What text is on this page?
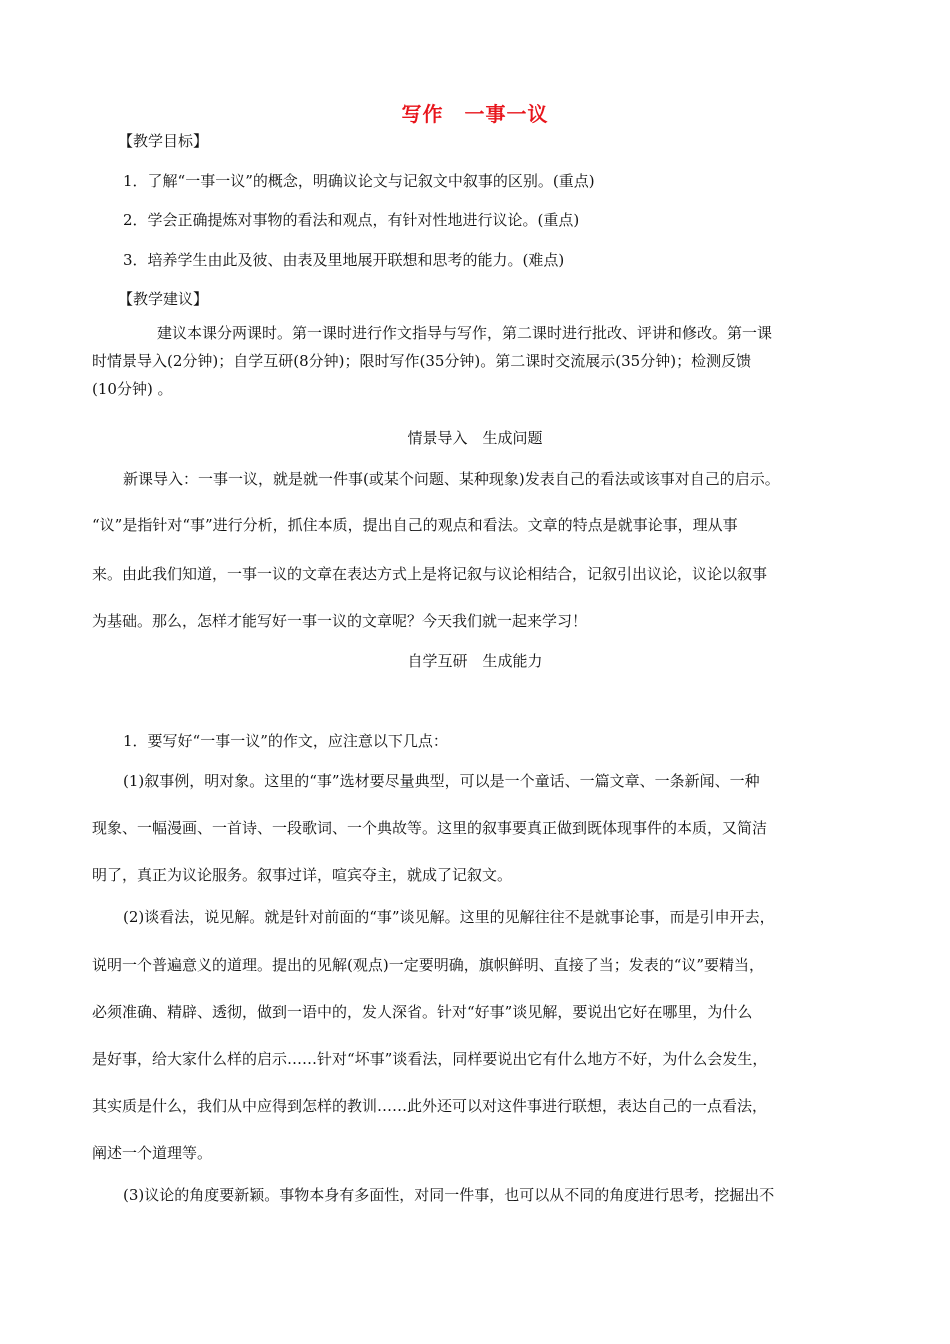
写作　一事一议
【教学目标】
1．了解“一事一议”的概念，明确议论文与记叙文中叙事的区别。(重点)
2．学会正确提炼对事物的看法和观点，有针对性地进行议论。(重点)
3．培养学生由此及彼、由表及里地展开联想和思考的能力。(难点)
【教学建议】
建议本课分两课时。第一课时进行作文指导与写作，第二课时进行批改、评讲和修改。第一课
时情景导入(2分钟)；自学互研(8分钟)；限时写作(35分钟)。第二课时交流展示(35分钟)；检测反馈
(10分钟) 。
情景导入　生成问题
新课导入：一事一议，就是就一件事(或某个问题、某种现象)发表自己的看法或该事对自己的启示。
“议”是指针对“事”进行分析，抓住本质，提出自己的观点和看法。文章的特点是就事论事，理从事
来。由此我们知道，一事一议的文章在表达方式上是将记叙与议论相结合，记叙引出议论，议论以叙事
为基础。那么，怎样才能写好一事一议的文章呢？今天我们就一起来学习！
自学互研　生成能力
1．要写好“一事一议”的作文，应注意以下几点：
(1)叙事例，明对象。这里的“事”选材要尽量典型，可以是一个童话、一篇文章、一条新闻、一种
现象、一幅漫画、一首诗、一段歌词、一个典故等。这里的叙事要真正做到既体现事件的本质，又简洁
明了，真正为议论服务。叙事过详，喧宾夺主，就成了记叙文。
(2)谈看法，说见解。就是针对前面的“事”谈见解。这里的见解往往不是就事论事，而是引申开去，
说明一个普遍意义的道理。提出的见解(观点)一定要明确，旗帜鲜明、直接了当；发表的“议”要精当，
必须准确、精辟、透彻，做到一语中的，发人深省。针对“好事”谈见解，要说出它好在哪里，为什么
是好事，给大家什么样的启示……针对“坏事”谈看法，同样要说出它有什么地方不好，为什么会发生，
其实质是什么，我们从中应得到怎样的教训……此外还可以对这件事进行联想，表达自己的一点看法，
阐述一个道理等。
(3)议论的角度要新颖。事物本身有多面性，对同一件事，也可以从不同的角度进行思考，挖掘出不
